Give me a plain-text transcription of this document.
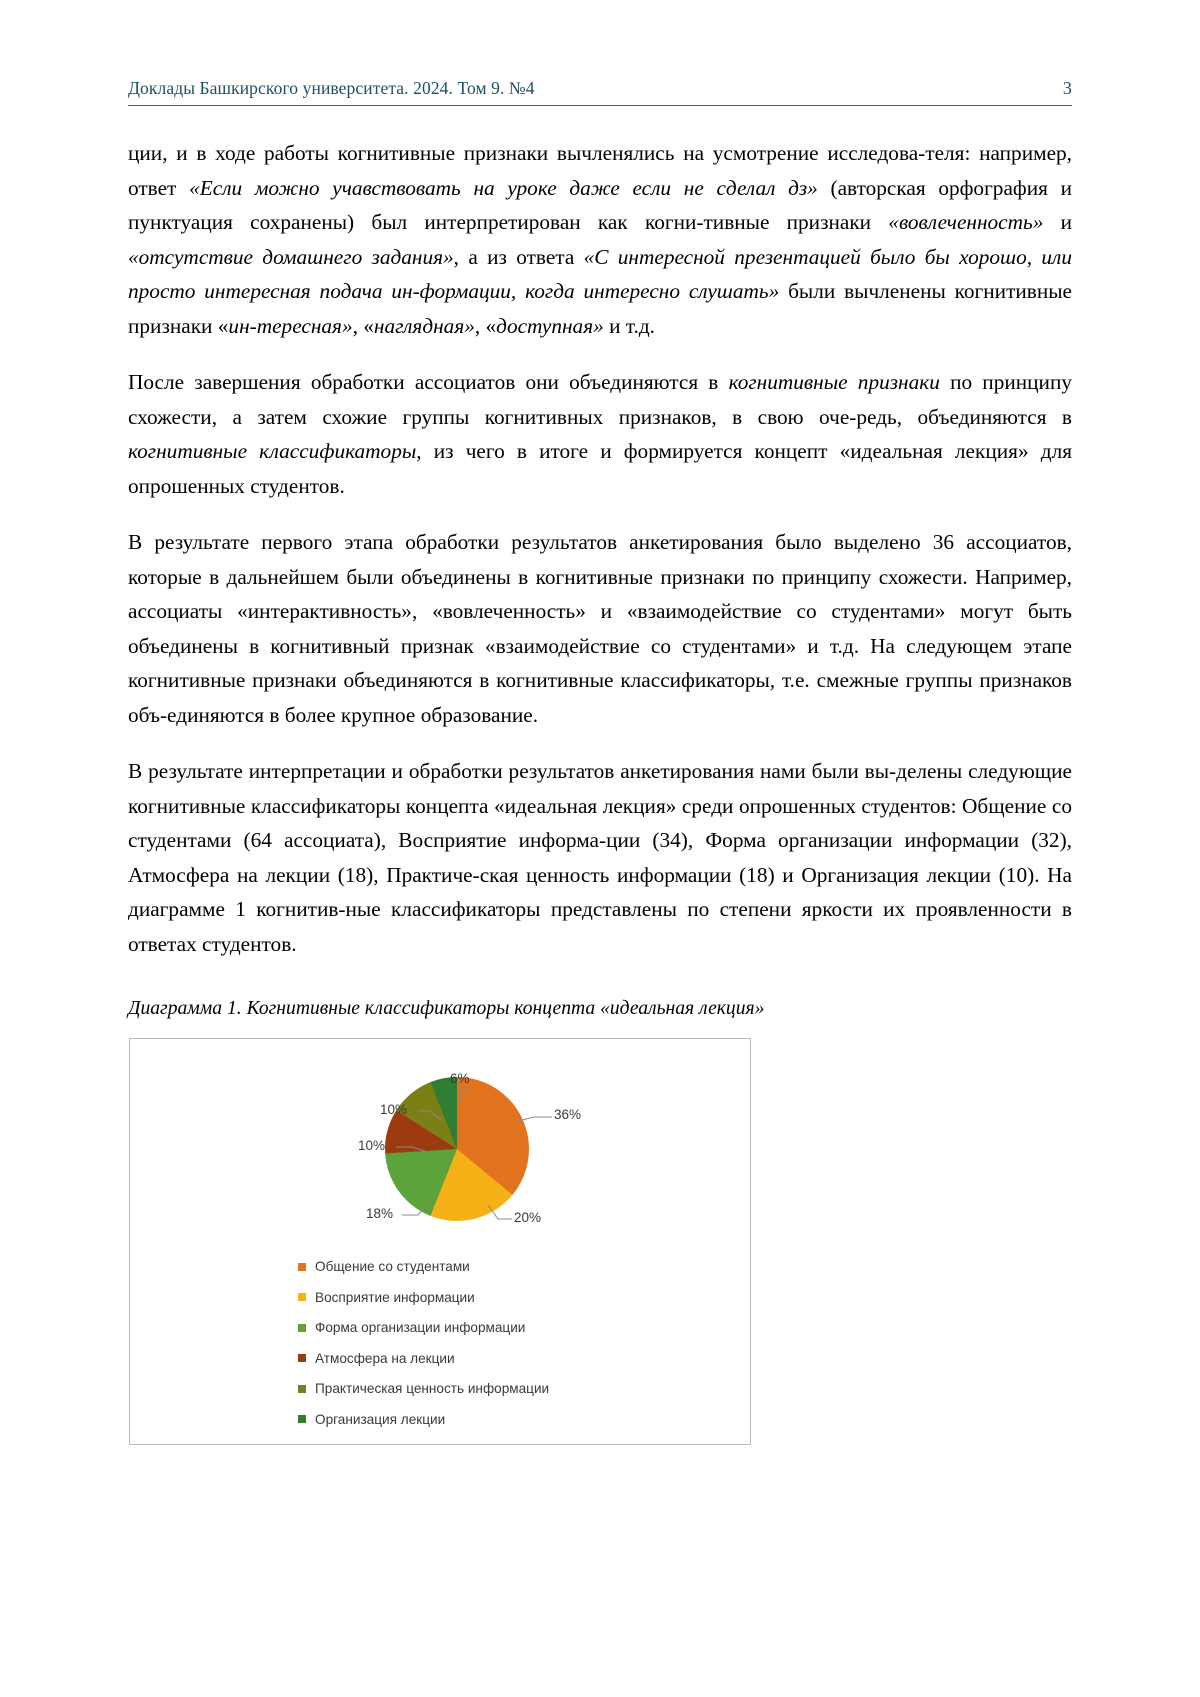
Доклады Башкирского университета. 2024. Том 9. №4	3

ции, и в ходе работы когнитивные признаки вычленялись на усмотрение исследова-теля: например, ответ «Если можно учавствовать на уроке даже если не сделал дз» (авторская орфография и пунктуация сохранены) был интерпретирован как когни-тивные признаки «вовлеченность» и «отсутствие домашнего задания», а из ответа «С интересной презентацией было бы хорошо, или просто интересная подача ин-формации, когда интересно слушать» были вычленены когнитивные признаки «ин-тересная», «наглядная», «доступная» и т.д.

После завершения обработки ассоциатов они объединяются в когнитивные признаки по принципу схожести, а затем схожие группы когнитивных признаков, в свою оче-редь, объединяются в когнитивные классификаторы, из чего в итоге и формируется концепт «идеальная лекция» для опрошенных студентов.

В результате первого этапа обработки результатов анкетирования было выделено 36 ассоциатов, которые в дальнейшем были объединены в когнитивные признаки по принципу схожести. Например, ассоциаты «интерактивность», «вовлеченность» и «взаимодействие со студентами» могут быть объединены в когнитивный признак «взаимодействие со студентами» и т.д. На следующем этапе когнитивные признаки объединяются в когнитивные классификаторы, т.е. смежные группы признаков объ-единяются в более крупное образование.

В результате интерпретации и обработки результатов анкетирования нами были вы-делены следующие когнитивные классификаторы концепта «идеальная лекция» среди опрошенных студентов: Общение со студентами (64 ассоциата), Восприятие информа-ции (34), Форма организации информации (32), Атмосфера на лекции (18), Практиче-ская ценность информации (18) и Организация лекции (10). На диаграмме 1 когнитив-ные классификаторы представлены по степени яркости их проявленности в ответах студентов.

Диаграмма 1. Когнитивные классификаторы концепта «идеальная лекция»
36%
20%
18%
10%
10%
6%
Общение со студентами
Восприятие информации
Форма организации информации
Атмосфера на лекции
Практическая ценность информации
Организация лекции
